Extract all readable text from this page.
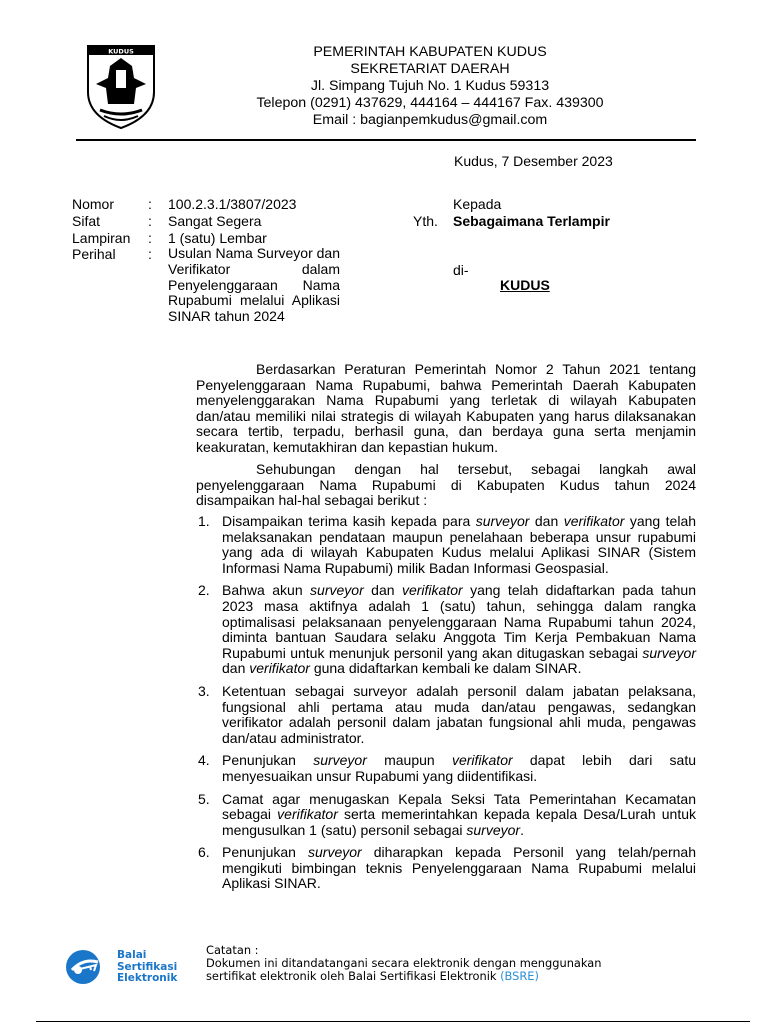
KUDUS	PEMERINTAH KABUPATEN KUDUS
SEKRETARIAT DAERAH
Jl. Simpang Tujuh No. 1 Kudus 59313
Telepon (0291) 437629, 444164 – 444167 Fax. 439300
Email : bagianpemkudus@gmail.com
Kudus, 7 Desember 2023
Nomor : 100.2.3.1/3807/2023
Sifat	: Sangat Segera
Lampiran : 1 (satu) Lembar
Perihal : Usulan Nama Surveyor dan Verifikator dalam Penyelenggaraan Nama Rupabumi melalui Aplikasi SINAR tahun 2024
Kepada
Yth. Sebagaimana Terlampir
di-
KUDUS
Berdasarkan Peraturan Pemerintah Nomor 2 Tahun 2021 tentang Penyelenggaraan Nama Rupabumi, bahwa Pemerintah Daerah Kabupaten menyelenggarakan Nama Rupabumi yang terletak di wilayah Kabupaten dan/atau memiliki nilai strategis di wilayah Kabupaten yang harus dilaksanakan secara tertib, terpadu, berhasil guna, dan berdaya guna serta menjamin keakuratan, kemutakhiran dan kepastian hukum.
Sehubungan dengan hal tersebut, sebagai langkah awal penyelenggaraan Nama Rupabumi di Kabupaten Kudus tahun 2024 disampaikan hal-hal sebagai berikut :
1. Disampaikan terima kasih kepada para surveyor dan verifikator yang telah melaksanakan pendataan maupun penelahaan beberapa unsur rupabumi yang ada di wilayah Kabupaten Kudus melalui Aplikasi SINAR (Sistem Informasi Nama Rupabumi) milik Badan Informasi Geospasial.
2. Bahwa akun surveyor dan verifikator yang telah didaftarkan pada tahun 2023 masa aktifnya adalah 1 (satu) tahun, sehingga dalam rangka optimalisasi pelaksanaan penyelenggaraan Nama Rupabumi tahun 2024, diminta bantuan Saudara selaku Anggota Tim Kerja Pembakuan Nama Rupabumi untuk menunjuk personil yang akan ditugaskan sebagai surveyor dan verifikator guna didaftarkan kembali ke dalam SINAR.
3. Ketentuan sebagai surveyor adalah personil dalam jabatan pelaksana, fungsional ahli pertama atau muda dan/atau pengawas, sedangkan verifikator adalah personil dalam jabatan fungsional ahli muda, pengawas dan/atau administrator.
4. Penunjukan surveyor maupun verifikator dapat lebih dari satu menyesuaikan unsur Rupabumi yang diidentifikasi.
5. Camat agar menugaskan Kepala Seksi Tata Pemerintahan Kecamatan sebagai verifikator serta memerintahkan kepada kepala Desa/Lurah untuk mengusulkan 1 (satu) personil sebagai surveyor.
6. Penunjukan surveyor diharapkan kepada Personil yang telah/pernah mengikuti bimbingan teknis Penyelenggaraan Nama Rupabumi melalui Aplikasi SINAR.
Balai
Sertifikasi
Elektronik
Catatan :
Dokumen ini ditandatangani secara elektronik dengan menggunakan
sertifikat elektronik oleh Balai Sertifikasi Elektronik (BSRE)
